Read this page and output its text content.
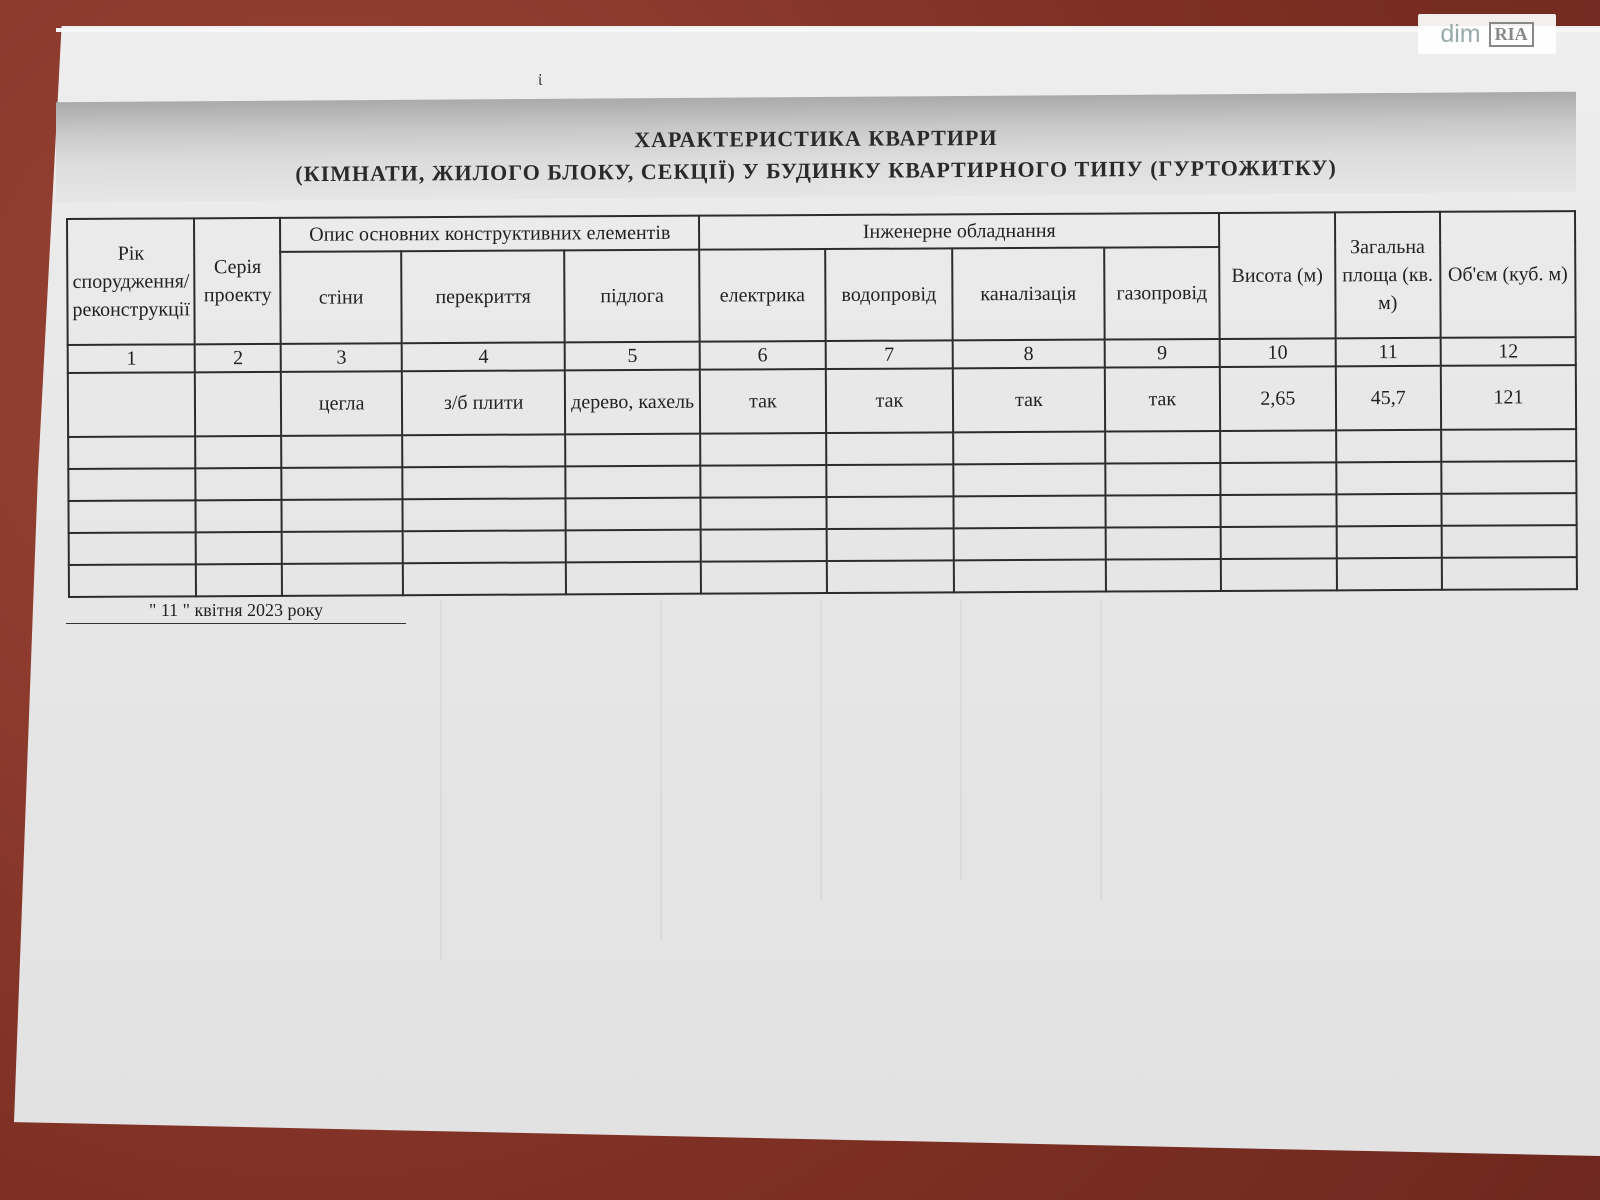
dim RIA
ἰ
ХАРАКТЕРИСТИКА КВАРТИРИ
(КІМНАТИ, ЖИЛОГО БЛОКУ, СЕКЦІЇ) У БУДИНКУ КВАРТИРНОГО ТИПУ (ГУРТОЖИТКУ)
Рік спорудження/ реконструкції	Серія проекту	Опис основних конструктивних елементів			Інженерне обладнання				Висота (м)	Загальна площа (кв. м)	Об'єм (куб. м)
		стіни	перекриття	підлога	електрика	водопровід	каналізація	газопровід			
1	2	3	4	5	6	7	8	9	10	11	12
		цегла	з/б плити	дерево, кахель	так	так	так	так	2,65	45,7	121

" 11 " квітня 2023 року
